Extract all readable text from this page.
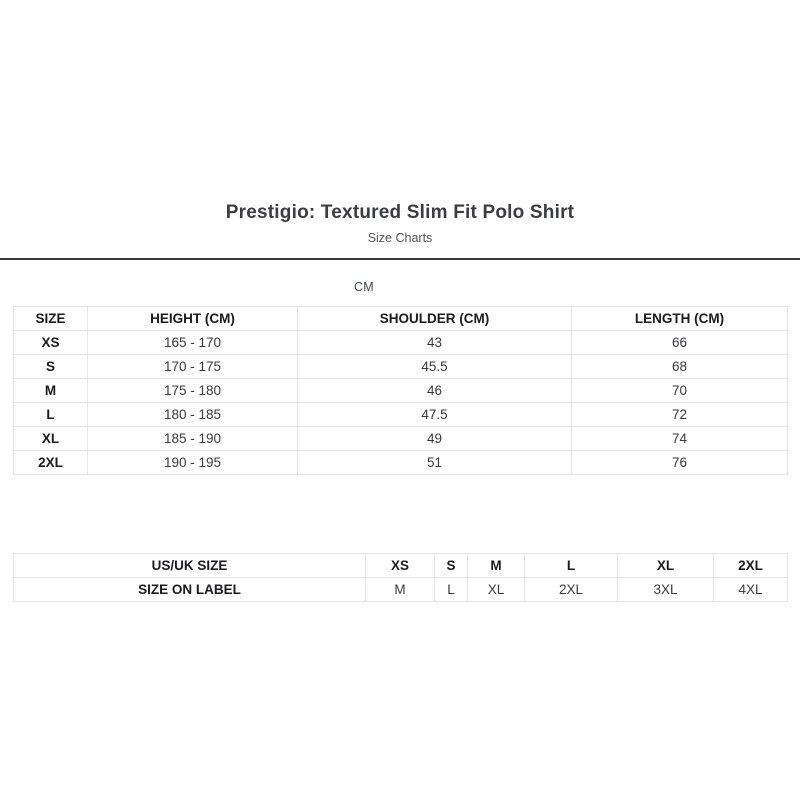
Prestigio: Textured Slim Fit Polo Shirt
Size Charts
CM
SIZE	HEIGHT (CM)	SHOULDER (CM)	LENGTH (CM)
XS	165 - 170	43	66
S	170 - 175	45.5	68
M	175 - 180	46	70
L	180 - 185	47.5	72
XL	185 - 190	49	74
2XL	190 - 195	51	76
US/UK SIZE	XS	S	M	L	XL	2XL
SIZE ON LABEL	M	L	XL	2XL	3XL	4XL
